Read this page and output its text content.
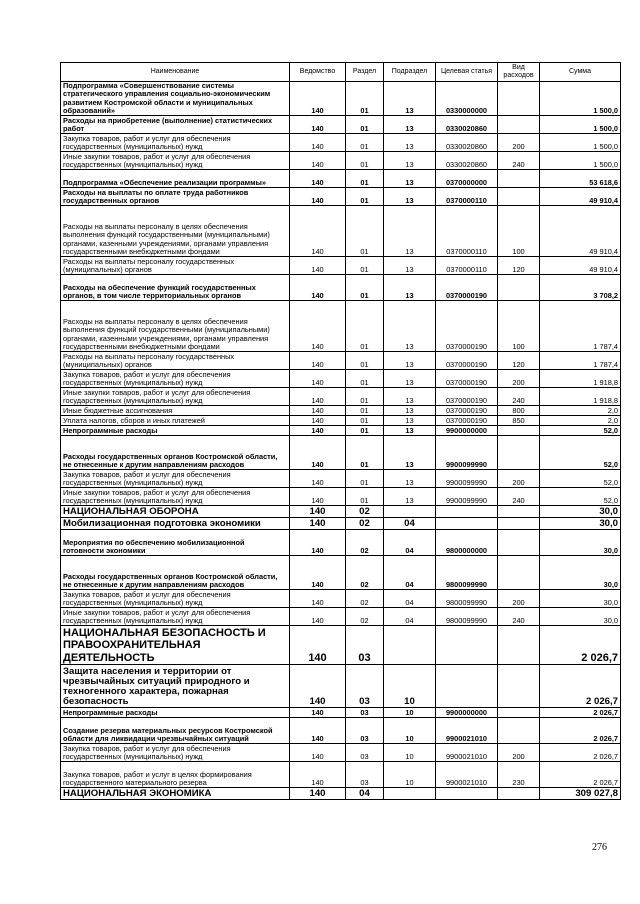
Наименование	Ведомство	Раздел	Подраздел	Целевая статья	Вид расходов	Сумма
Подпрограмма «Совершенствование системы стратегического управления социально-экономическим развитием Костромской области и муниципальных образований»	140	01	13	0330000000		1 500,0
Расходы на приобретение (выполнение) статистических работ	140	01	13	0330020860		1 500,0
Закупка товаров, работ и услуг для обеспечения государственных (муниципальных) нужд	140	01	13	0330020860	200	1 500,0
Иные закупки товаров, работ и услуг для обеспечения государственных (муниципальных) нужд	140	01	13	0330020860	240	1 500,0
Подпрограмма «Обеспечение реализации программы»	140	01	13	0370000000		53 618,6
Расходы на выплаты по оплате труда работников государственных органов	140	01	13	0370000110		49 910,4
Расходы на выплаты персоналу в целях обеспечения выполнения функций государственными (муниципальными) органами, казенными учреждениями, органами управления государственными внебюджетными фондами	140	01	13	0370000110	100	49 910,4
Расходы на выплаты персоналу государственных (муниципальных) органов	140	01	13	0370000110	120	49 910,4
Расходы на обеспечение функций государственных органов, в том числе территориальных органов	140	01	13	0370000190		3 708,2
Расходы на выплаты персоналу в целях обеспечения выполнения функций государственными (муниципальными) органами, казенными учреждениями, органами управления государственными внебюджетными фондами	140	01	13	0370000190	100	1 787,4
Расходы на выплаты персоналу государственных (муниципальных) органов	140	01	13	0370000190	120	1 787,4
Закупка товаров, работ и услуг для обеспечения государственных (муниципальных) нужд	140	01	13	0370000190	200	1 918,8
Иные закупки товаров, работ и услуг для обеспечения государственных (муниципальных) нужд	140	01	13	0370000190	240	1 918,8
Иные бюджетные ассигнования	140	01	13	0370000190	800	2,0
Уплата налогов, сборов и иных платежей	140	01	13	0370000190	850	2,0
Непрограммные расходы	140	01	13	9900000000		52,0
Расходы государственных органов Костромской области, не отнесенные к другим направлениям расходов	140	01	13	9900099990		52,0
Закупка товаров, работ и услуг для обеспечения государственных (муниципальных) нужд	140	01	13	9900099990	200	52,0
Иные закупки товаров, работ и услуг для обеспечения государственных (муниципальных) нужд	140	01	13	9900099990	240	52,0
НАЦИОНАЛЬНАЯ ОБОРОНА	140	02				30,0
Мобилизационная подготовка экономики	140	02	04			30,0
Мероприятия по обеспечению мобилизационной готовности экономики	140	02	04	9800000000		30,0
Расходы государственных органов Костромской области, не отнесенные к другим направлениям расходов	140	02	04	9800099990		30,0
Закупка товаров, работ и услуг для обеспечения государственных (муниципальных) нужд	140	02	04	9800099990	200	30,0
Иные закупки товаров, работ и услуг для обеспечения государственных (муниципальных) нужд	140	02	04	9800099990	240	30,0
НАЦИОНАЛЬНАЯ БЕЗОПАСНОСТЬ И ПРАВООХРАНИТЕЛЬНАЯ ДЕЯТЕЛЬНОСТЬ	140	03				2 026,7
Защита населения и территории от чрезвычайных ситуаций природного и техногенного характера, пожарная безопасность	140	03	10			2 026,7
Непрограммные расходы	140	03	10	9900000000		2 026,7
Создание резерва материальных ресурсов Костромской области для ликвидации чрезвычайных ситуаций	140	03	10	9900021010		2 026,7
Закупка товаров, работ и услуг для обеспечения государственных (муниципальных) нужд	140	03	10	9900021010	200	2 026,7
Закупка товаров, работ и услуг в целях формирования государственного материального резерва	140	03	10	9900021010	230	2 026,7
НАЦИОНАЛЬНАЯ ЭКОНОМИКА	140	04				309 027,8
276
